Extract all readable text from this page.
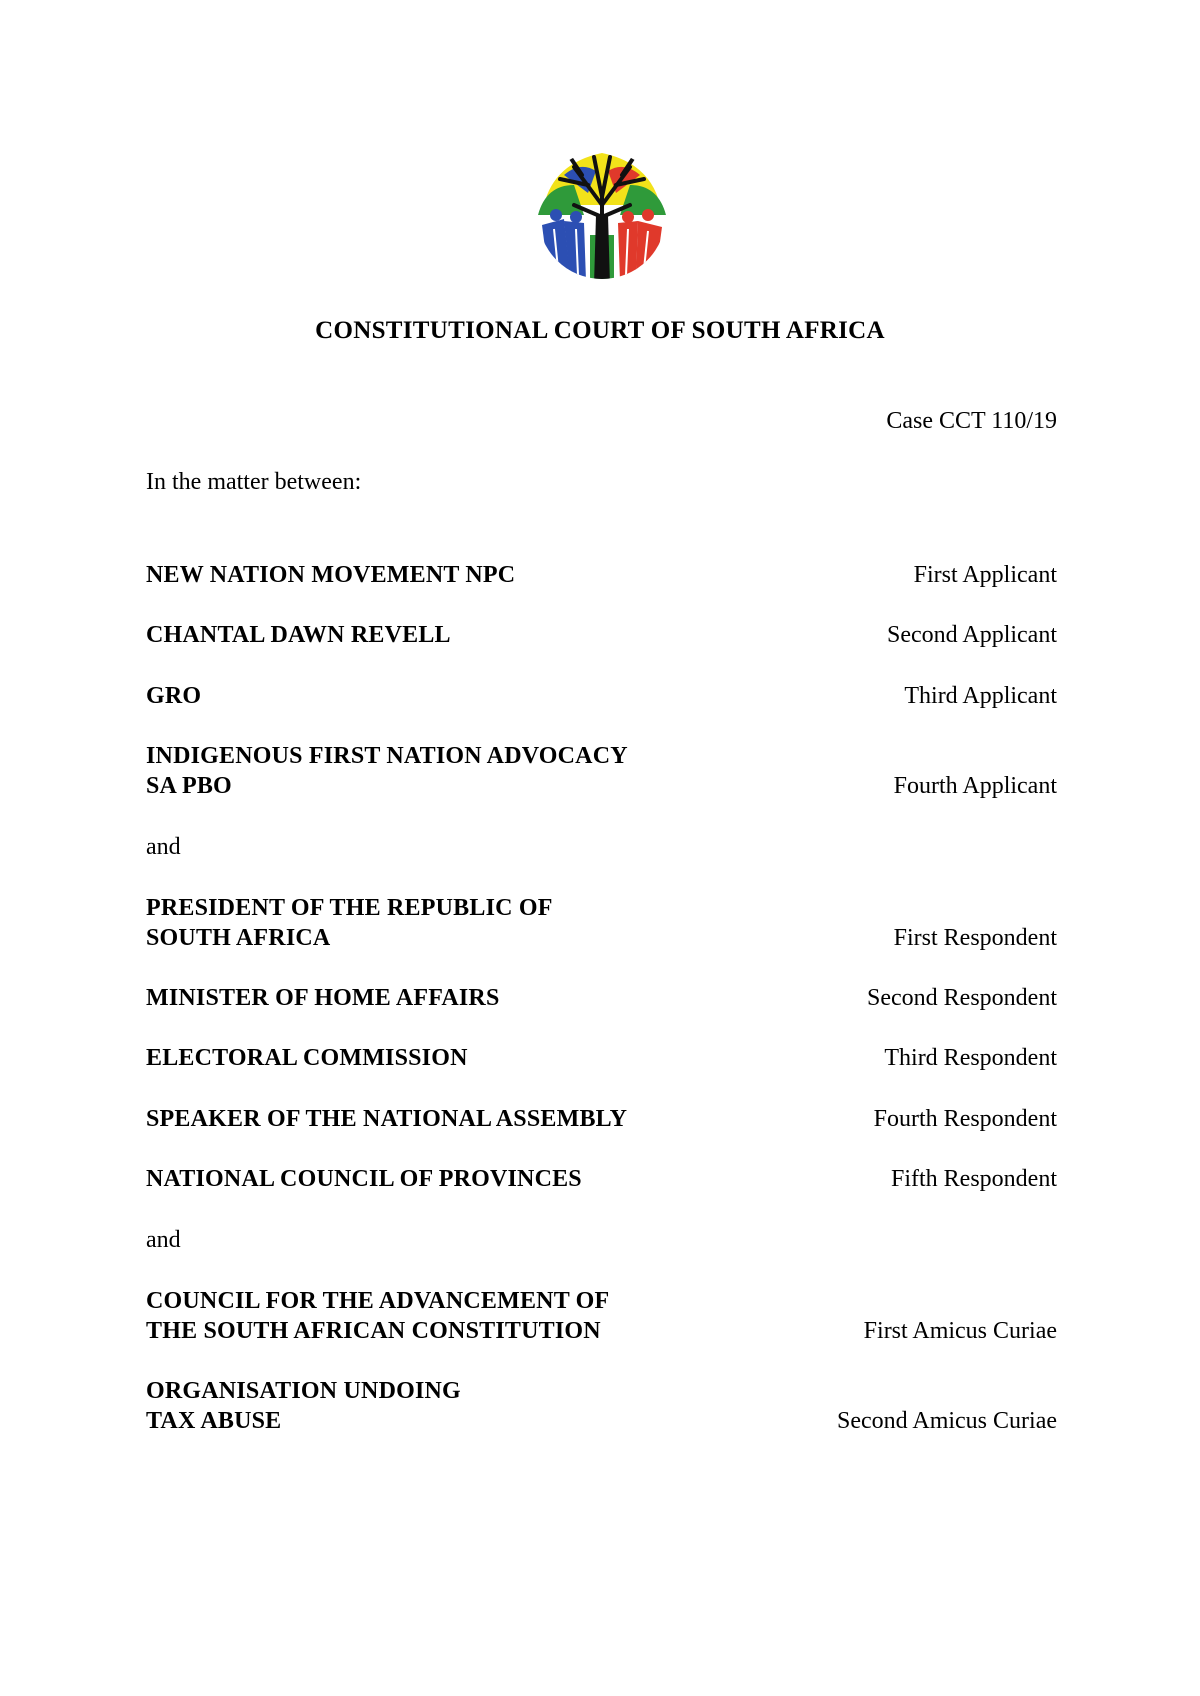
CONSTITUTIONAL COURT OF SOUTH AFRICA
Case CCT 110/19
In the matter between:
NEW NATION MOVEMENT NPC	First Applicant
CHANTAL DAWN REVELL	Second Applicant
GRO	Third Applicant
INDIGENOUS FIRST NATION ADVOCACY
SA PBO	Fourth Applicant
and
PRESIDENT OF THE REPUBLIC OF
SOUTH AFRICA	First Respondent
MINISTER OF HOME AFFAIRS	Second Respondent
ELECTORAL COMMISSION	Third Respondent
SPEAKER OF THE NATIONAL ASSEMBLY	Fourth Respondent
NATIONAL COUNCIL OF PROVINCES	Fifth Respondent
and
COUNCIL FOR THE ADVANCEMENT OF
THE SOUTH AFRICAN CONSTITUTION	First Amicus Curiae
ORGANISATION UNDOING
TAX ABUSE	Second Amicus Curiae
